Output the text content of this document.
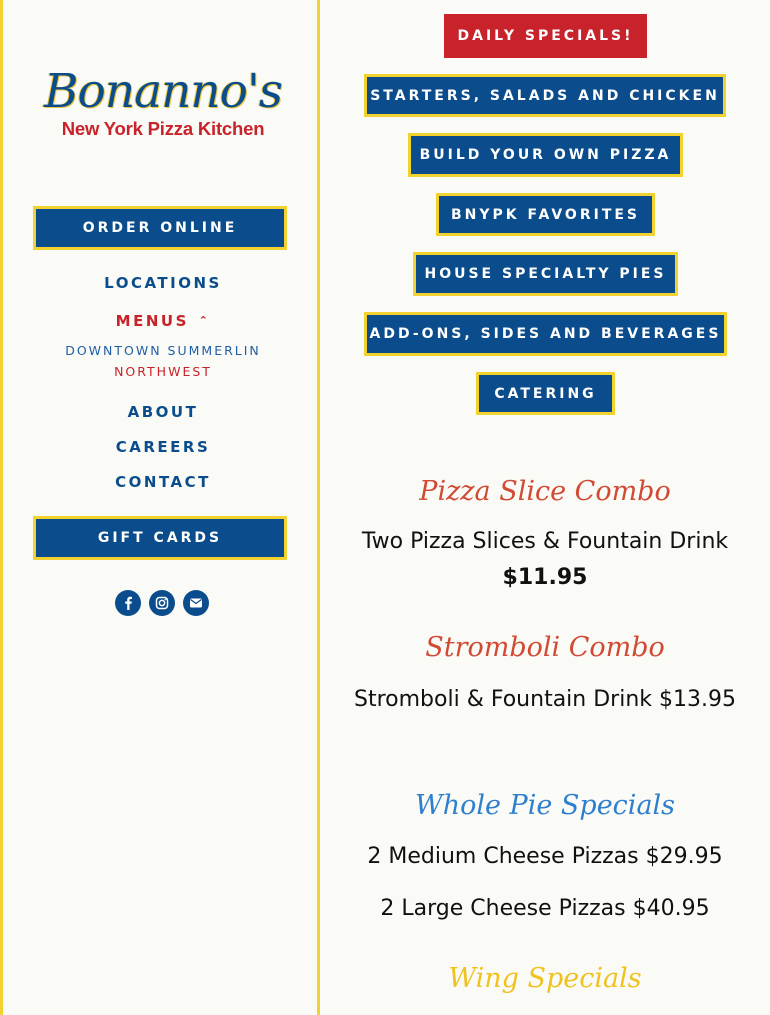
Bonanno's
New York Pizza Kitchen
ORDER ONLINE
LOCATIONS
MENUS ⌃
DOWNTOWN SUMMERLIN
NORTHWEST
ABOUT
CAREERS
CONTACT
GIFT CARDS
DAILY SPECIALS!
STARTERS, SALADS AND CHICKEN
BUILD YOUR OWN PIZZA
BNYPK FAVORITES
HOUSE SPECIALTY PIES
ADD-ONS, SIDES AND BEVERAGES
CATERING
Pizza Slice Combo
Two Pizza Slices & Fountain Drink
$11.95
Stromboli Combo
Stromboli & Fountain Drink $13.95
Whole Pie Specials
2 Medium Cheese Pizzas $29.95
2 Large Cheese Pizzas $40.95
Wing Specials
